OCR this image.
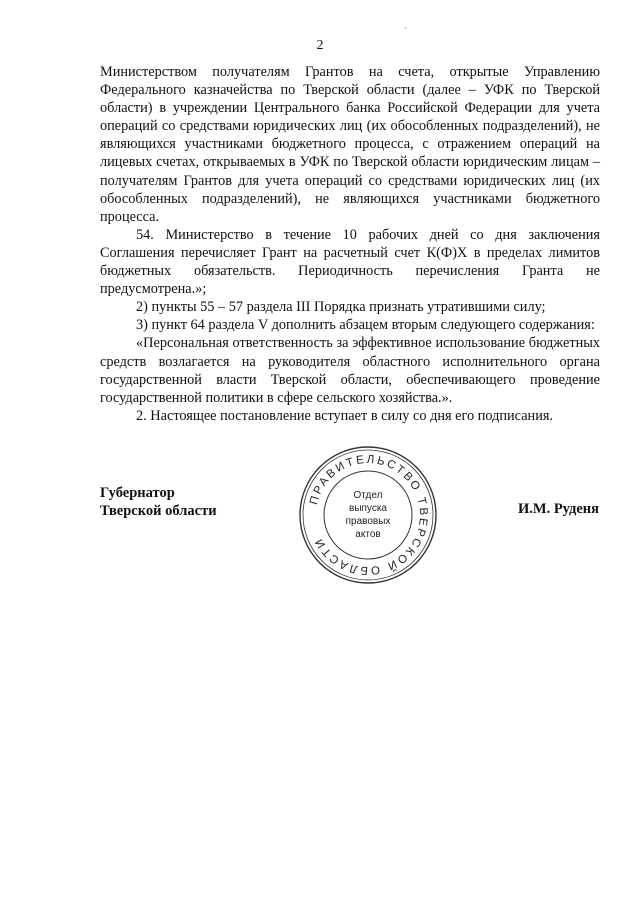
2
`

Министерством получателям Грантов на счета, открытые Управлению Федерального казначейства по Тверской области (далее – УФК по Тверской области) в учреждении Центрального банка Российской Федерации для учета операций со средствами юридических лиц (их обособленных подразделений), не являющихся участниками бюджетного процесса, с отражением операций на лицевых счетах, открываемых в УФК по Тверской области юридическим лицам – получателям Грантов для учета операций со средствами юридических лиц (их обособленных подразделений), не являющихся участниками бюджетного процесса.

54. Министерство в течение 10 рабочих дней со дня заключения Соглашения перечисляет Грант на расчетный счет К(Ф)Х в пределах лимитов бюджетных обязательств. Периодичность перечисления Гранта не предусмотрена.»;

2) пункты 55 – 57 раздела III Порядка признать утратившими силу;

3) пункт 64 раздела V дополнить абзацем вторым следующего содержания:

«Персональная ответственность за эффективное использование бюджетных средств возлагается на руководителя областного исполнительного органа государственной власти Тверской области, обеспечивающего проведение государственной политики в сфере сельского хозяйства.».

2. Настоящее постановление вступает в силу со дня его подписания.

Губернатор
Тверской области
ПРАВИТЕЛЬСТВО ТВЕРСКОЙ ОБЛАСТИ
Отдел
выпуска
правовых
актов
И.М. Руденя
